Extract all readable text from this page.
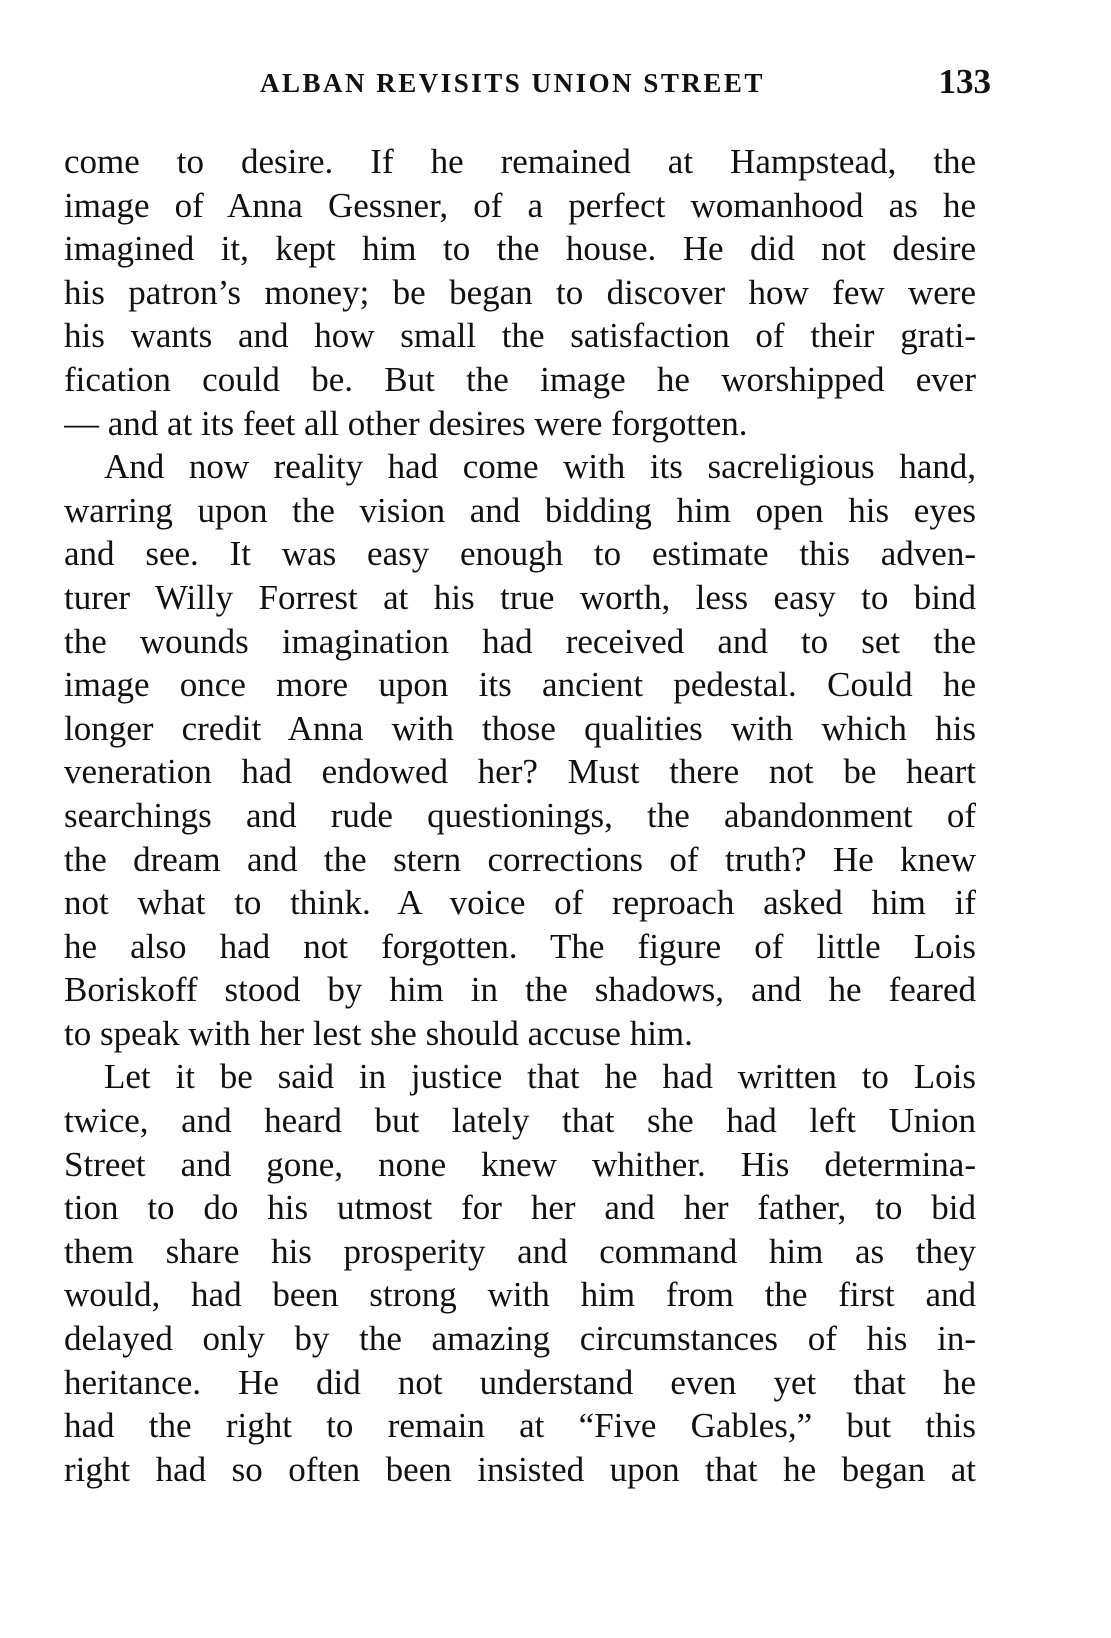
ALBAN REVISITS UNION STREET	133
come to desire. If he remained at Hampstead, the
image of Anna Gessner, of a perfect womanhood as he
imagined it, kept him to the house. He did not desire
his patron’s money; be began to discover how few were
his wants and how small the satisfaction of their grati-
fication could be. But the image he worshipped ever
— and at its feet all other desires were forgotten.
And now reality had come with its sacreligious hand,
warring upon the vision and bidding him open his eyes
and see. It was easy enough to estimate this adven-
turer Willy Forrest at his true worth, less easy to bind
the wounds imagination had received and to set the
image once more upon its ancient pedestal. Could he
longer credit Anna with those qualities with which his
veneration had endowed her? Must there not be heart
searchings and rude questionings, the abandonment of
the dream and the stern corrections of truth? He knew
not what to think. A voice of reproach asked him if
he also had not forgotten. The figure of little Lois
Boriskoff stood by him in the shadows, and he feared
to speak with her lest she should accuse him.
Let it be said in justice that he had written to Lois
twice, and heard but lately that she had left Union
Street and gone, none knew whither. His determina-
tion to do his utmost for her and her father, to bid
them share his prosperity and command him as they
would, had been strong with him from the first and
delayed only by the amazing circumstances of his in-
heritance. He did not understand even yet that he
had the right to remain at “Five Gables,” but this
right had so often been insisted upon that he began at
